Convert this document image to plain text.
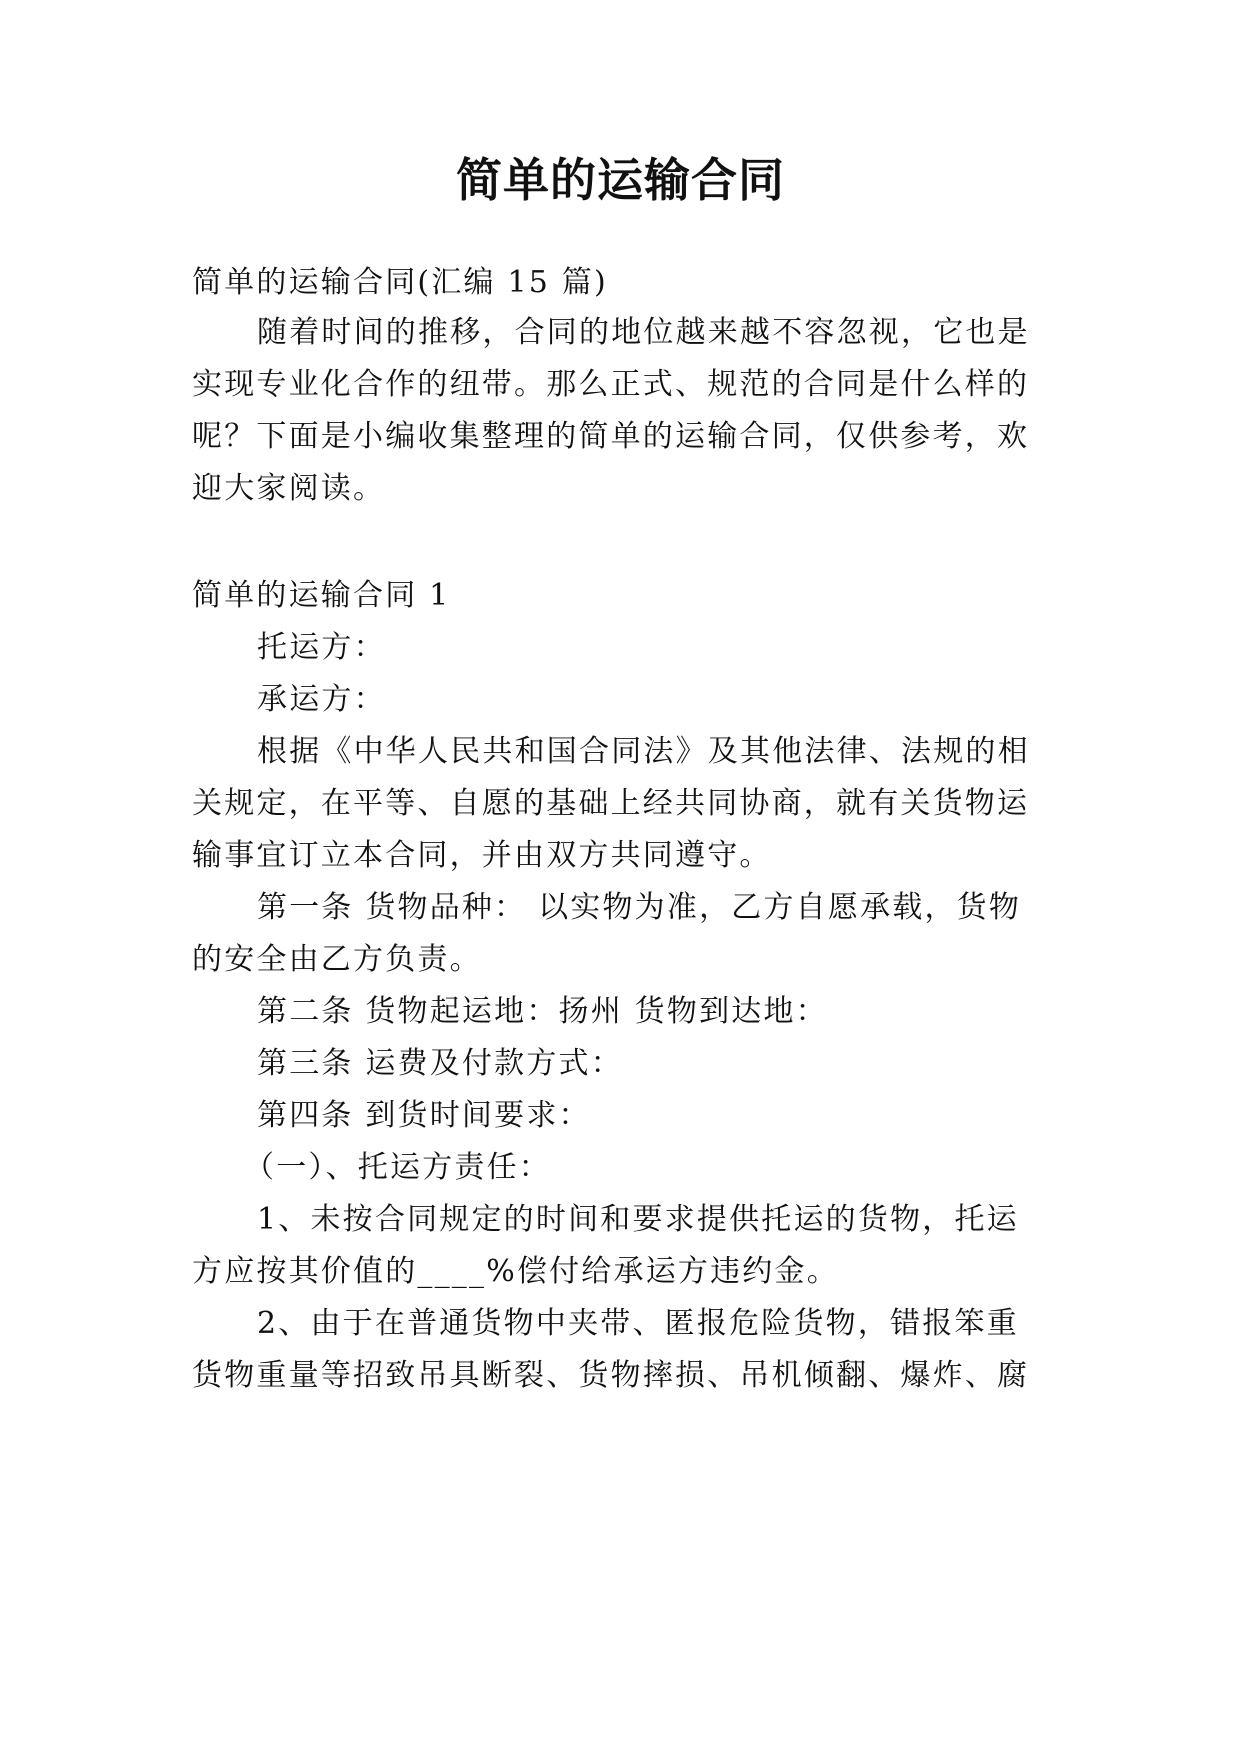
简单的运输合同
简单的运输合同(汇编 15 篇)
随着时间的推移，合同的地位越来越不容忽视，它也是
实现专业化合作的纽带。那么正式、规范的合同是什么样的
呢？下面是小编收集整理的简单的运输合同，仅供参考，欢
迎大家阅读。
简单的运输合同 1
托运方：
承运方：
根据《中华人民共和国合同法》及其他法律、法规的相
关规定，在平等、自愿的基础上经共同协商，就有关货物运
输事宜订立本合同，并由双方共同遵守。
第一条 货物品种： 以实物为准，乙方自愿承载，货物
的安全由乙方负责。
第二条 货物起运地：扬州 货物到达地：
第三条 运费及付款方式：
第四条 到货时间要求：
（一）、托运方责任：
1、未按合同规定的时间和要求提供托运的货物，托运
方应按其价值的____%偿付给承运方违约金。
2、由于在普通货物中夹带、匿报危险货物，错报笨重
货物重量等招致吊具断裂、货物摔损、吊机倾翻、爆炸、腐
